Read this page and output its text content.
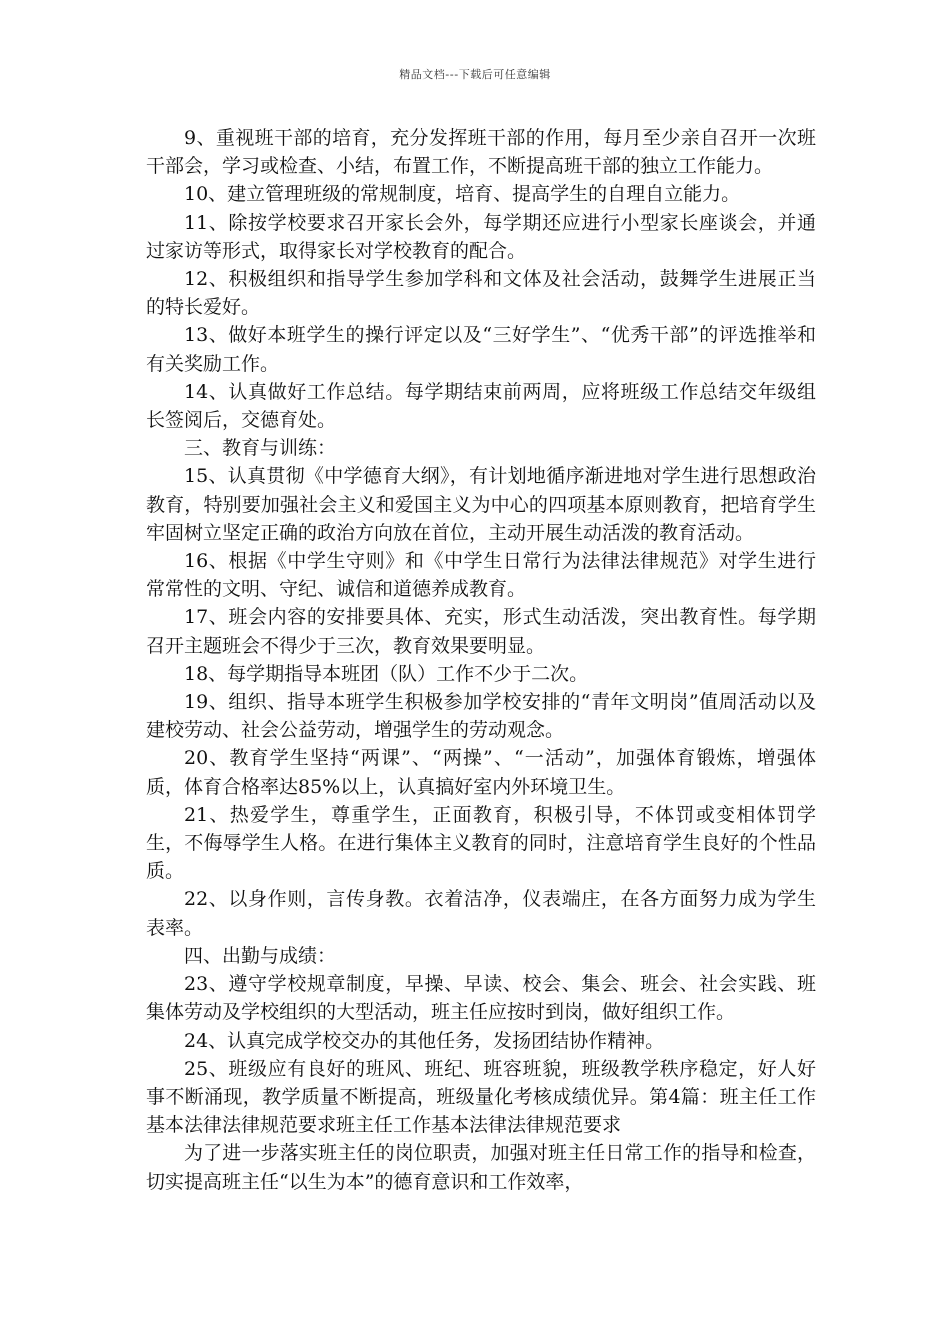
精品文档---下载后可任意编辑

9、重视班干部的培育，充分发挥班干部的作用，每月至少亲自召开一次班干部会，学习或检查、小结，布置工作，不断提高班干部的独立工作能力。

10、建立管理班级的常规制度，培育、提高学生的自理自立能力。

11、除按学校要求召开家长会外，每学期还应进行小型家长座谈会，并通过家访等形式，取得家长对学校教育的配合。

12、积极组织和指导学生参加学科和文体及社会活动，鼓舞学生进展正当的特长爱好。

13、做好本班学生的操行评定以及“三好学生”、“优秀干部”的评选推举和有关奖励工作。

14、认真做好工作总结。每学期结束前两周，应将班级工作总结交年级组长签阅后，交德育处。

三、教育与训练：

15、认真贯彻《中学德育大纲》，有计划地循序渐进地对学生进行思想政治教育，特别要加强社会主义和爱国主义为中心的四项基本原则教育，把培育学生牢固树立坚定正确的政治方向放在首位，主动开展生动活泼的教育活动。

16、根据《中学生守则》和《中学生日常行为法律法律规范》对学生进行常常性的文明、守纪、诚信和道德养成教育。

17、班会内容的安排要具体、充实，形式生动活泼，突出教育性。每学期召开主题班会不得少于三次，教育效果要明显。

18、每学期指导本班团（队）工作不少于二次。

19、组织、指导本班学生积极参加学校安排的“青年文明岗”值周活动以及建校劳动、社会公益劳动，增强学生的劳动观念。

20、教育学生坚持“两课”、“两操”、“一活动”，加强体育锻炼，增强体质，体育合格率达85%以上，认真搞好室内外环境卫生。

21、热爱学生，尊重学生，正面教育，积极引导，不体罚或变相体罚学生，不侮辱学生人格。在进行集体主义教育的同时，注意培育学生良好的个性品质。

22、以身作则，言传身教。衣着洁净，仪表端庄，在各方面努力成为学生表率。

四、出勤与成绩：

23、遵守学校规章制度，早操、早读、校会、集会、班会、社会实践、班集体劳动及学校组织的大型活动，班主任应按时到岗，做好组织工作。

24、认真完成学校交办的其他任务，发扬团结协作精神。

25、班级应有良好的班风、班纪、班容班貌，班级教学秩序稳定，好人好事不断涌现，教学质量不断提高，班级量化考核成绩优异。第4篇：班主任工作基本法律法律规范要求班主任工作基本法律法律规范要求

为了进一步落实班主任的岗位职责，加强对班主任日常工作的指导和检查，切实提高班主任“以生为本”的德育意识和工作效率，
